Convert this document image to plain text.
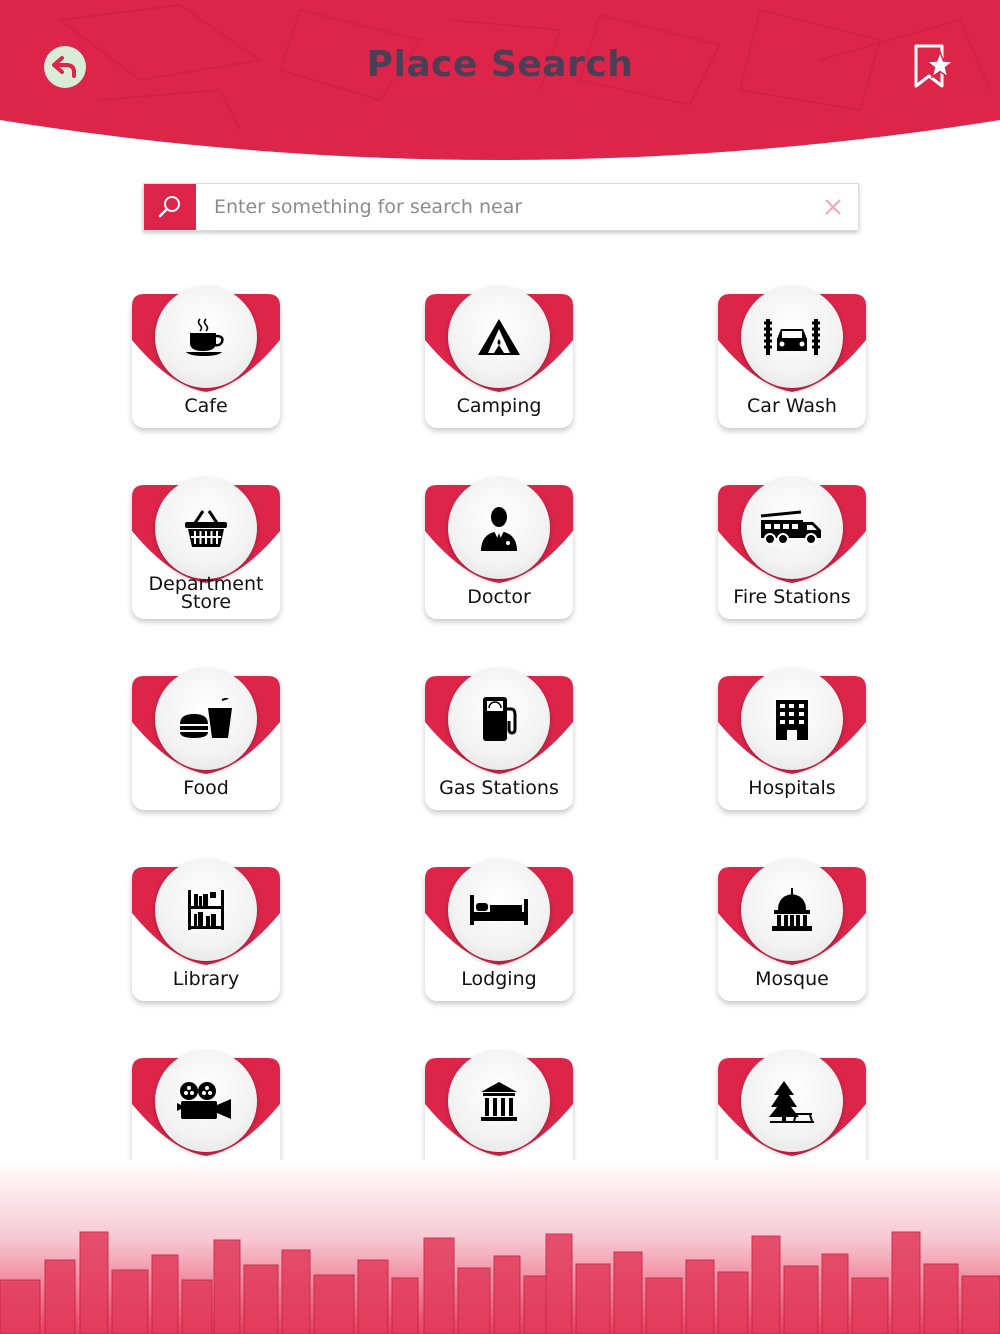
Place Search
Enter something for search near
Cafe	Camping	Car Wash
Department
Store	Doctor	Fire Stations
Food	Gas Stations	Hospitals
Library	Lodging	Mosque
